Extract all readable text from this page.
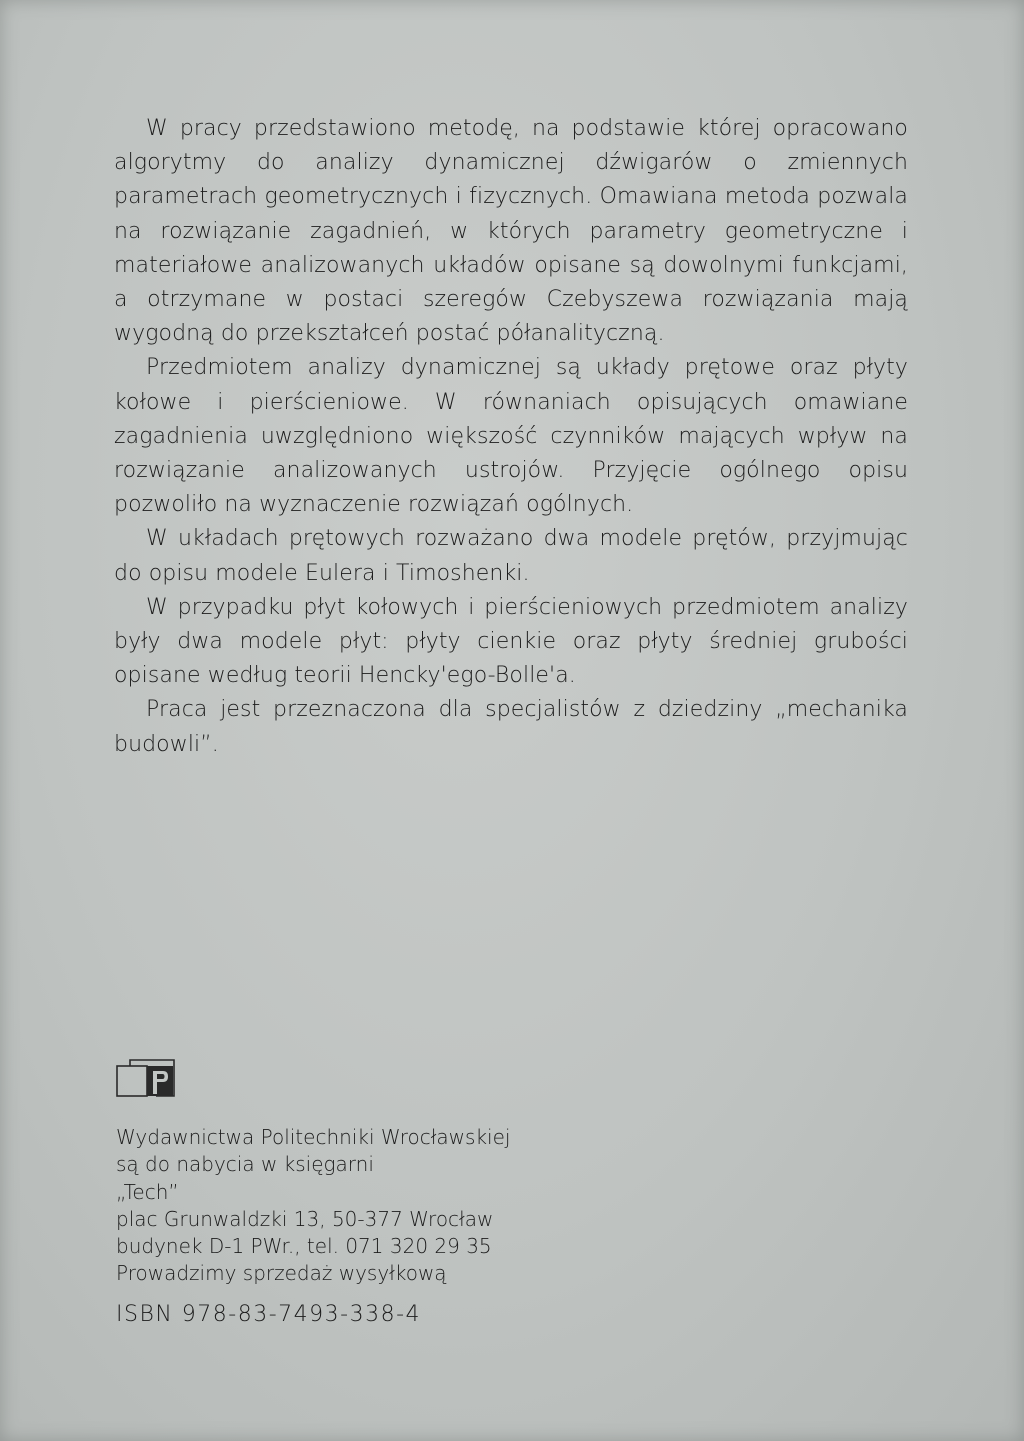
W pracy przedstawiono metodę, na podstawie której opracowano algorytmy do analizy dynamicznej dźwigarów o zmiennych parametrach geometrycznych i fizycznych. Omawiana metoda pozwala na rozwiązanie zagadnień, w których parametry geometryczne i materiałowe analizowanych układów opisane są dowolnymi funkcjami, a otrzymane w postaci szeregów Czebyszewa rozwiązania mają wygodną do przekształceń postać półanalityczną.

Przedmiotem analizy dynamicznej są układy prętowe oraz płyty kołowe i pierścieniowe. W równaniach opisujących omawiane zagadnienia uwzględniono większość czynników mających wpływ na rozwiązanie analizowanych ustrojów. Przyjęcie ogólnego opisu pozwoliło na wyznaczenie rozwiązań ogólnych.

W układach prętowych rozważano dwa modele prętów, przyjmując do opisu modele Eulera i Timoshenki.

W przypadku płyt kołowych i pierścieniowych przedmiotem analizy były dwa modele płyt: płyty cienkie oraz płyty średniej grubości opisane według teorii Hencky'ego-Bolle'a.

Praca jest przeznaczona dla specjalistów z dziedziny „mechanika budowli”.

Wydawnictwa Politechniki Wrocławskiej
są do nabycia w księgarni
„Tech”
plac Grunwaldzki 13, 50-377 Wrocław
budynek D-1 PWr., tel. 071 320 29 35
Prowadzimy sprzedaż wysyłkową
ISBN 978-83-7493-338-4
